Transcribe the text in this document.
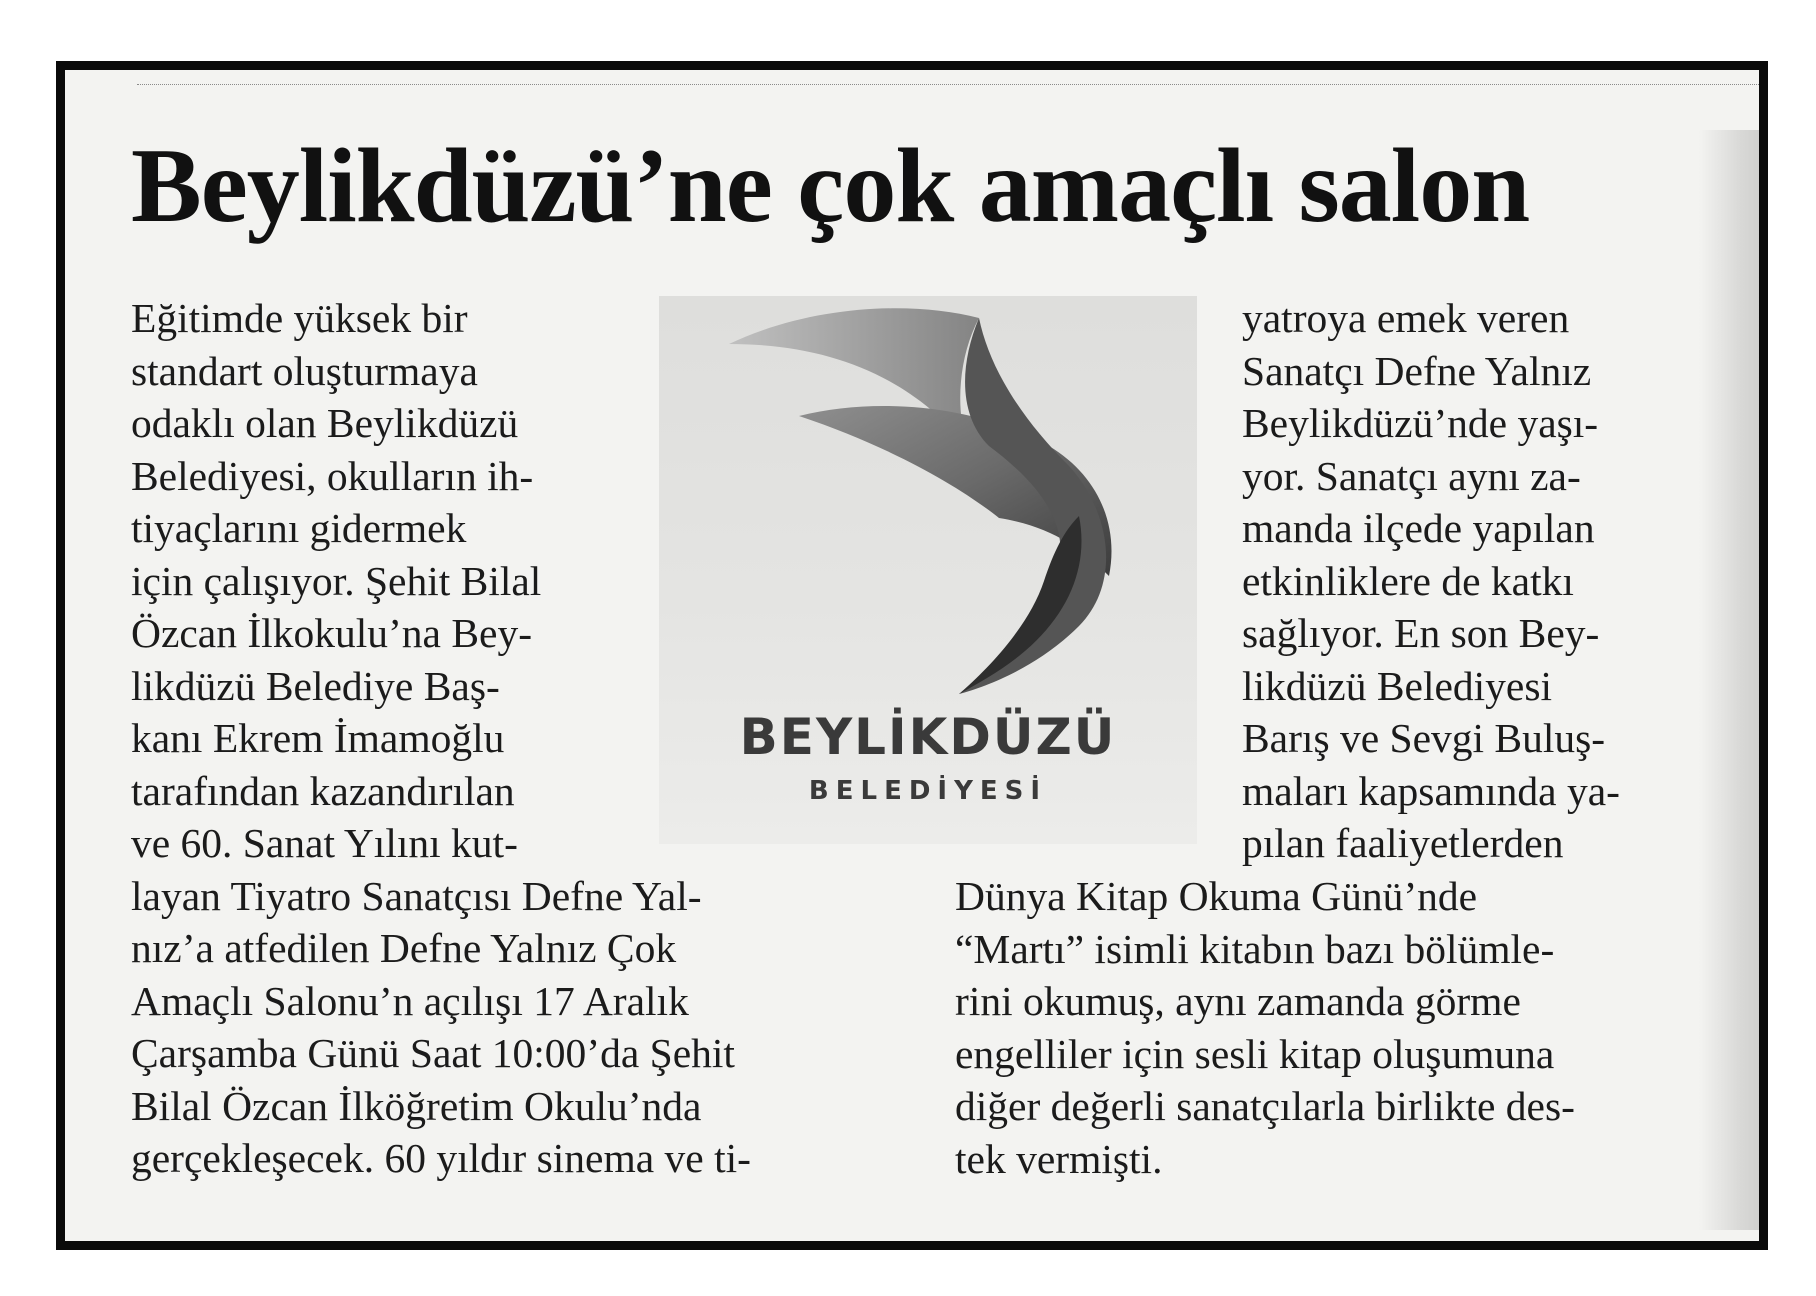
Beylikdüzü’ne çok amaçlı salon
Eğitimde yüksek bir
standart oluşturmaya
odaklı olan Beylikdüzü
Belediyesi, okulların ih-
tiyaçlarını gidermek
için çalışıyor. Şehit Bilal
Özcan İlkokulu’na Bey-
likdüzü Belediye Baş-
kanı Ekrem İmamoğlu
tarafından kazandırılan
ve 60. Sanat Yılını kut-
layan Tiyatro Sanatçısı Defne Yal-
nız’a atfedilen Defne Yalnız Çok
Amaçlı Salonu’n açılışı 17 Aralık
Çarşamba Günü Saat 10:00’da Şehit
Bilal Özcan İlköğretim Okulu’nda
gerçekleşecek. 60 yıldır sinema ve ti-

BEYLİKDÜZÜ

BELEDİYESİ

yatroya emek veren
Sanatçı Defne Yalnız
Beylikdüzü’nde yaşı-
yor. Sanatçı aynı za-
manda ilçede yapılan
etkinliklere de katkı
sağlıyor. En son Bey-
likdüzü Belediyesi
Barış ve Sevgi Buluş-
maları kapsamında ya-
pılan faaliyetlerden
Dünya Kitap Okuma Günü’nde
“Martı” isimli kitabın bazı bölümle-
rini okumuş, aynı zamanda görme
engelliler için sesli kitap oluşumuna
diğer değerli sanatçılarla birlikte des-
tek vermişti.
